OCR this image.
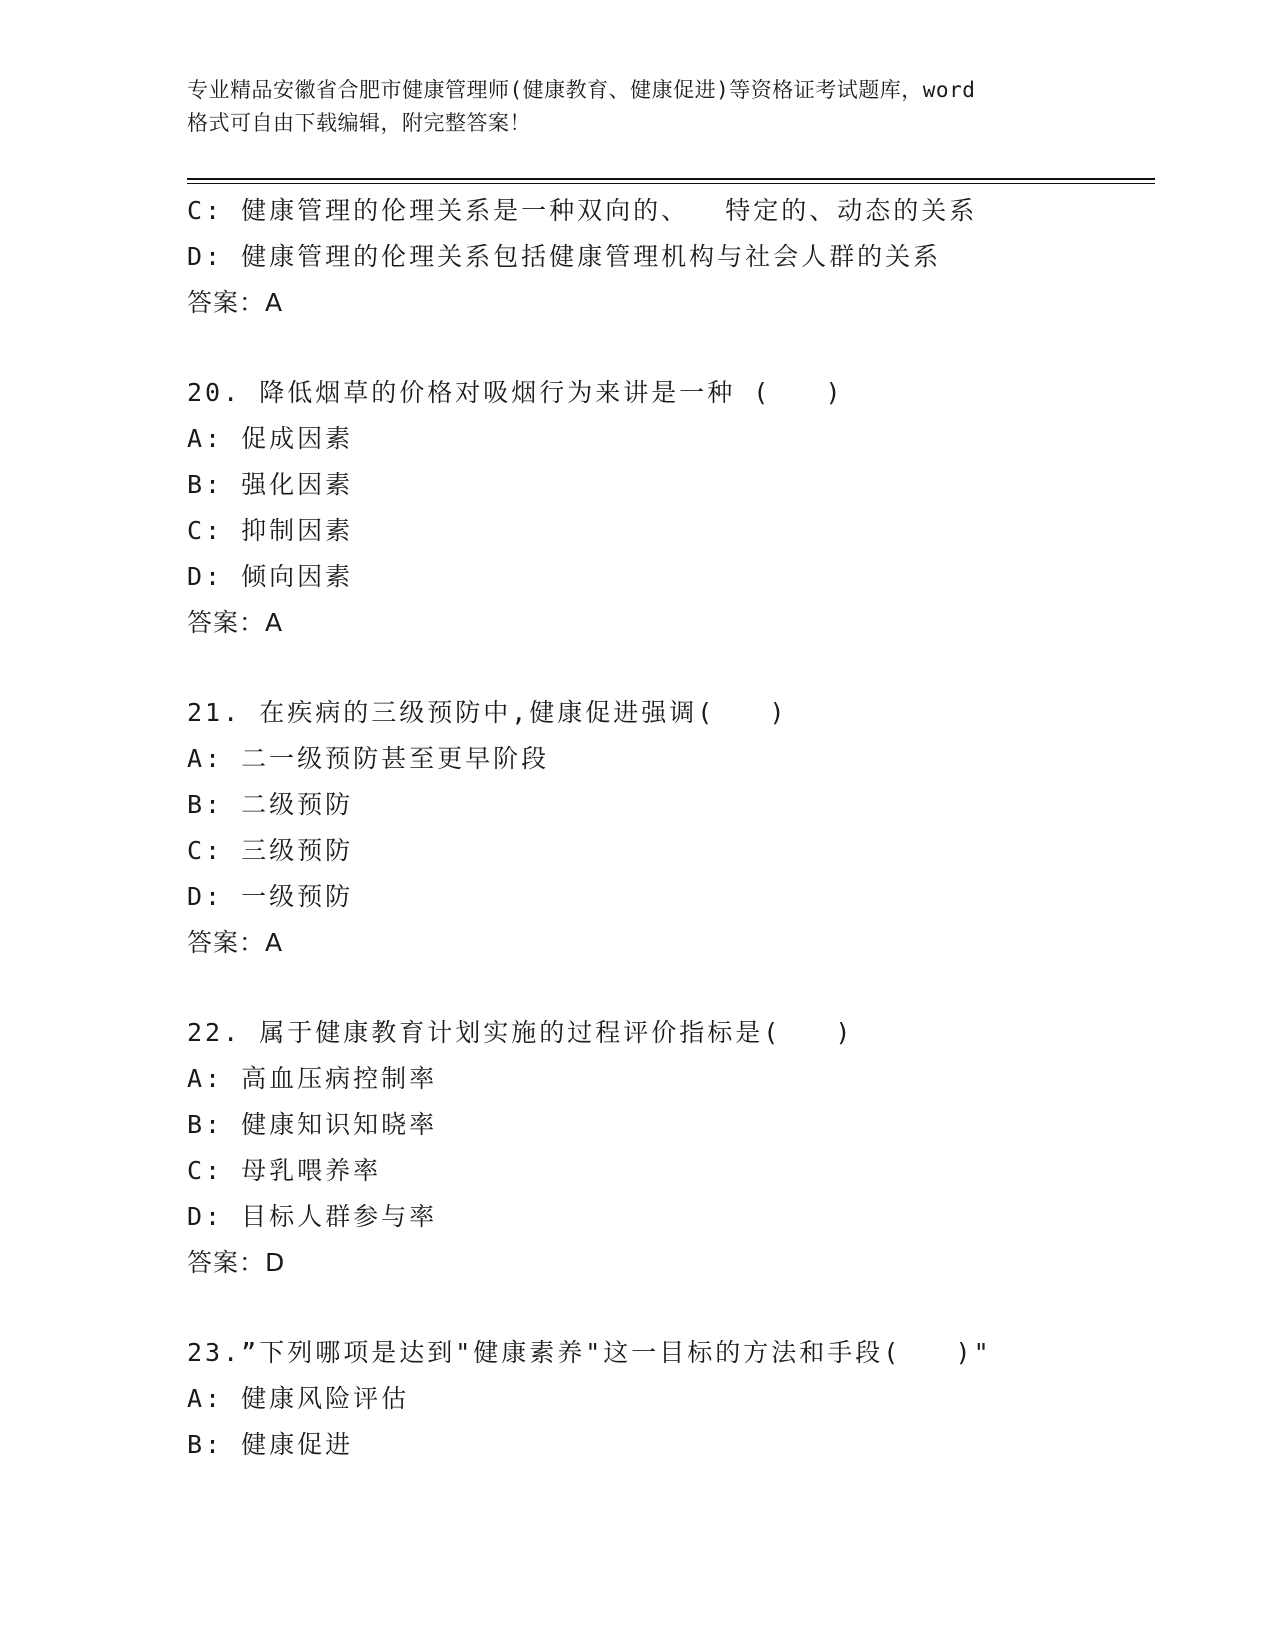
专业精品安徽省合肥市健康管理师(健康教育、健康促进)等资格证考试题库，word
格式可自由下载编辑，附完整答案！
C: 健康管理的伦理关系是一种双向的、  特定的、动态的关系
D: 健康管理的伦理关系包括健康管理机构与社会人群的关系
答案：A
20. 降低烟草的价格对吸烟行为来讲是一种 (   )
A: 促成因素
B: 强化因素
C: 抑制因素
D: 倾向因素
答案：A
21. 在疾病的三级预防中,健康促进强调(   )
A: 二一级预防甚至更早阶段
B: 二级预防
C: 三级预防
D: 一级预防
答案：A
22. 属于健康教育计划实施的过程评价指标是(   )
A: 高血压病控制率
B: 健康知识知晓率
C: 母乳喂养率
D: 目标人群参与率
答案：D
23.”下列哪项是达到"健康素养"这一目标的方法和手段(   )"
A: 健康风险评估
B: 健康促进
